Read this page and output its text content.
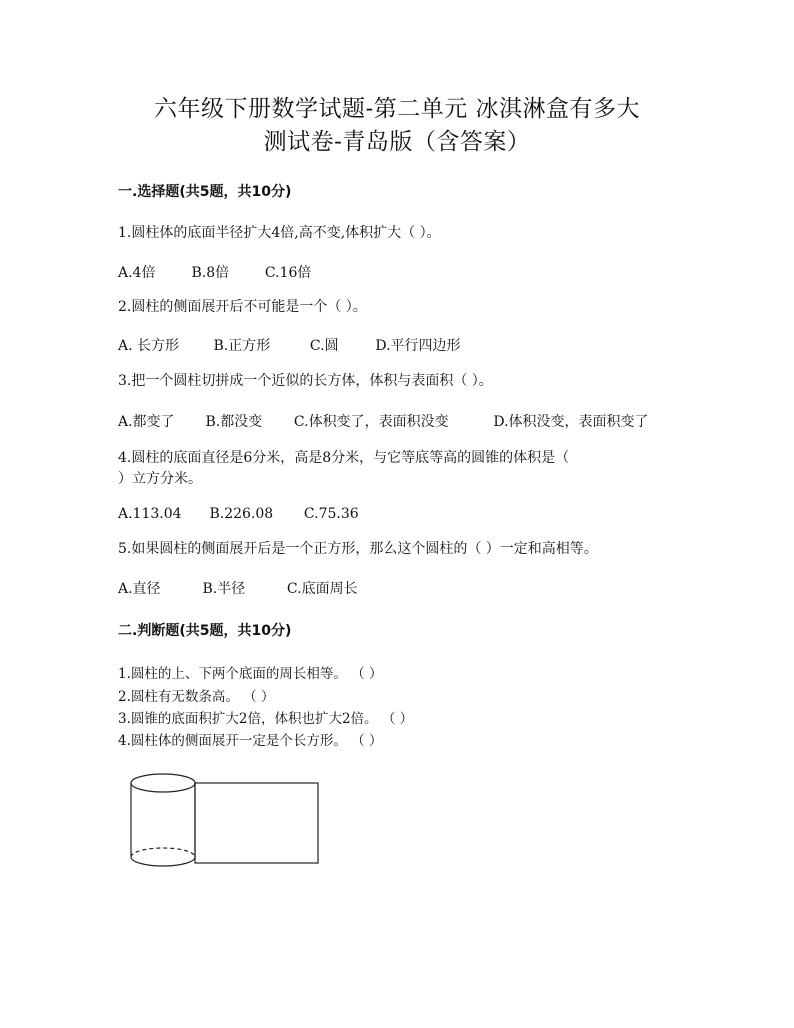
六年级下册数学试题-第二单元 冰淇淋盒有多大
测试卷-青岛版（含答案）
一.选择题(共5题，共10分)
1.圆柱体的底面半径扩大4倍,高不变,体积扩大（ ）。
A.4倍	B.8倍	C.16倍
2.圆柱的侧面展开后不可能是一个（ ）。
A. 长方形 B.正方形	C.圆	D.平行四边形
3.把一个圆柱切拼成一个近似的长方体，体积与表面积（ ）。
A.都变了 B.都没变 C.体积变了，表面积没变	D.体积没变，表面积变了
4.圆柱的底面直径是6分米，高是8分米，与它等底等高的圆锥的体积是（
）立方分米。
A.113.04 B.226.08 C.75.36
5.如果圆柱的侧面展开后是一个正方形，那么这个圆柱的（ ）一定和高相等。
A.直径	B.半径	C.底面周长
二.判断题(共5题，共10分)
1.圆柱的上、下两个底面的周长相等。 （ ）
2.圆柱有无数条高。 （ ）
3.圆锥的底面积扩大2倍，体积也扩大2倍。 （ ）
4.圆柱体的侧面展开一定是个长方形。 （ ）
